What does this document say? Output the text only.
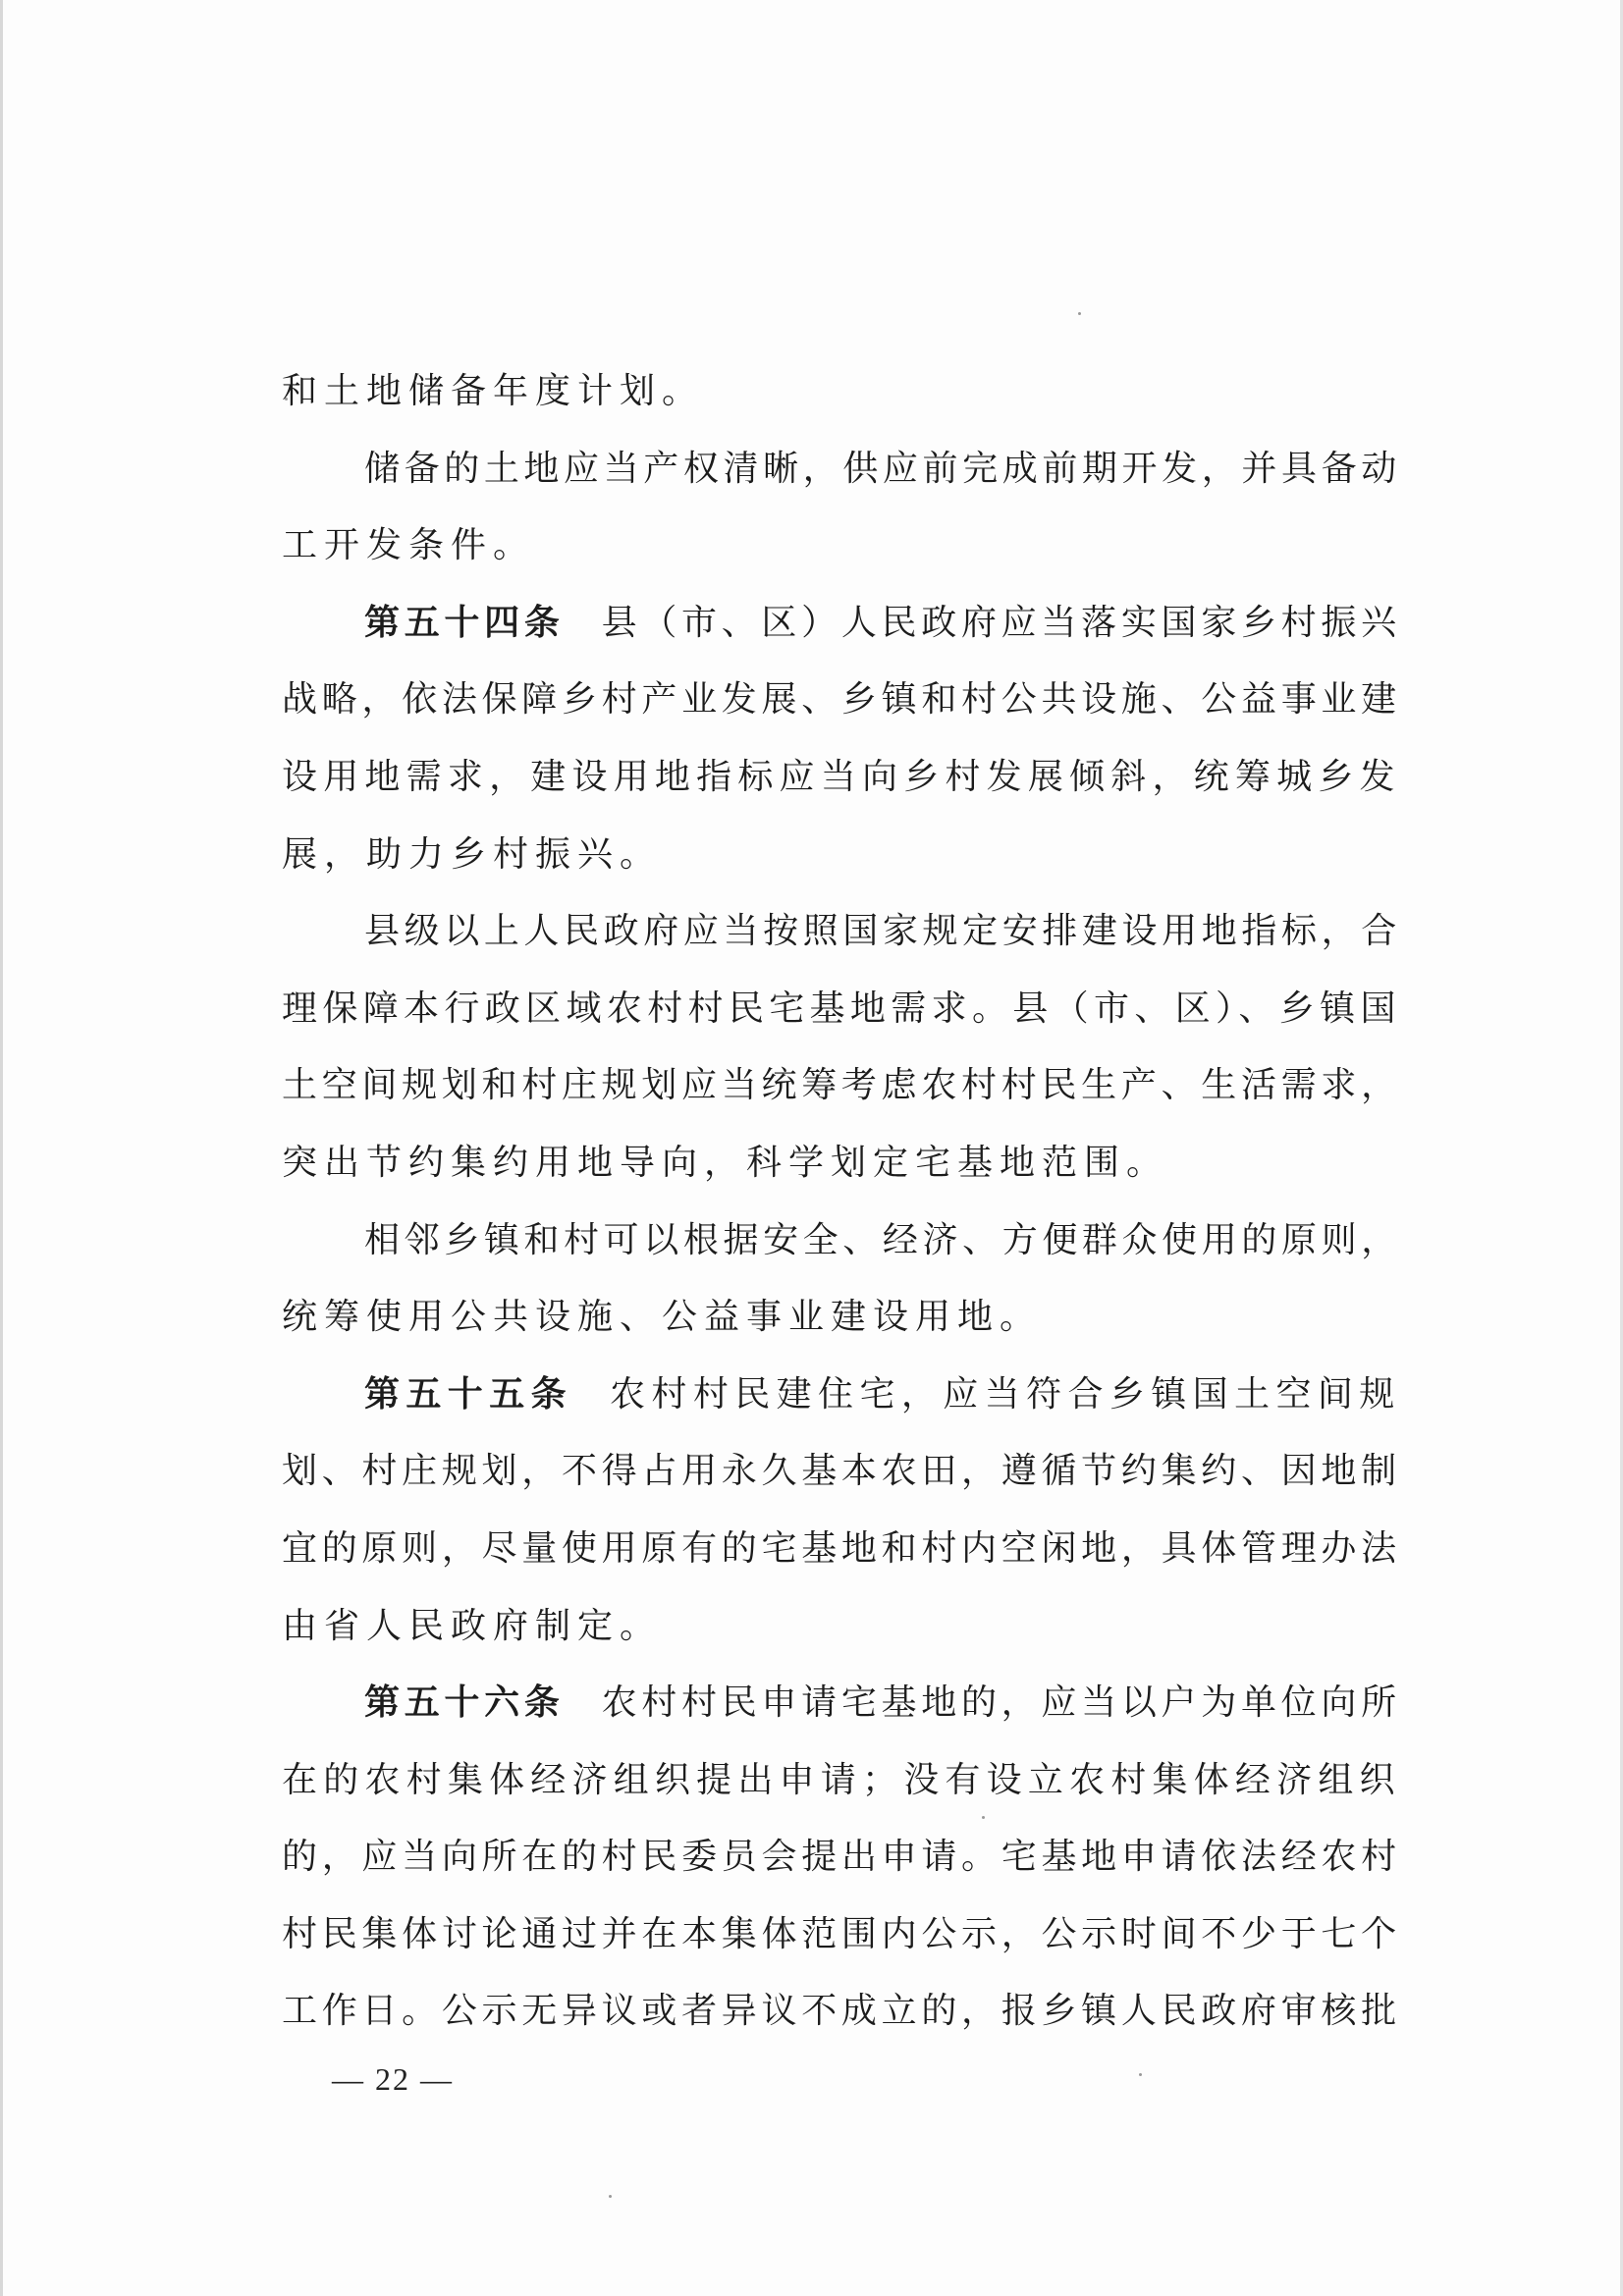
和土地储备年度计划。
储备的土地应当产权清晰，供应前完成前期开发，并具备动
工开发条件。
第五十四条 县（市、区）人民政府应当落实国家乡村振兴
战略，依法保障乡村产业发展、乡镇和村公共设施、公益事业建
设用地需求，建设用地指标应当向乡村发展倾斜，统筹城乡发
展，助力乡村振兴。
县级以上人民政府应当按照国家规定安排建设用地指标，合
理保障本行政区域农村村民宅基地需求。县（市、区）、乡镇国
土空间规划和村庄规划应当统筹考虑农村村民生产、生活需求，
突出节约集约用地导向，科学划定宅基地范围。
相邻乡镇和村可以根据安全、经济、方便群众使用的原则，
统筹使用公共设施、公益事业建设用地。
第五十五条 农村村民建住宅，应当符合乡镇国土空间规
划、村庄规划，不得占用永久基本农田，遵循节约集约、因地制
宜的原则，尽量使用原有的宅基地和村内空闲地，具体管理办法
由省人民政府制定。
第五十六条 农村村民申请宅基地的，应当以户为单位向所
在的农村集体经济组织提出申请；没有设立农村集体经济组织
的，应当向所在的村民委员会提出申请。宅基地申请依法经农村
村民集体讨论通过并在本集体范围内公示，公示时间不少于七个
工作日。公示无异议或者异议不成立的，报乡镇人民政府审核批
— 22 —
